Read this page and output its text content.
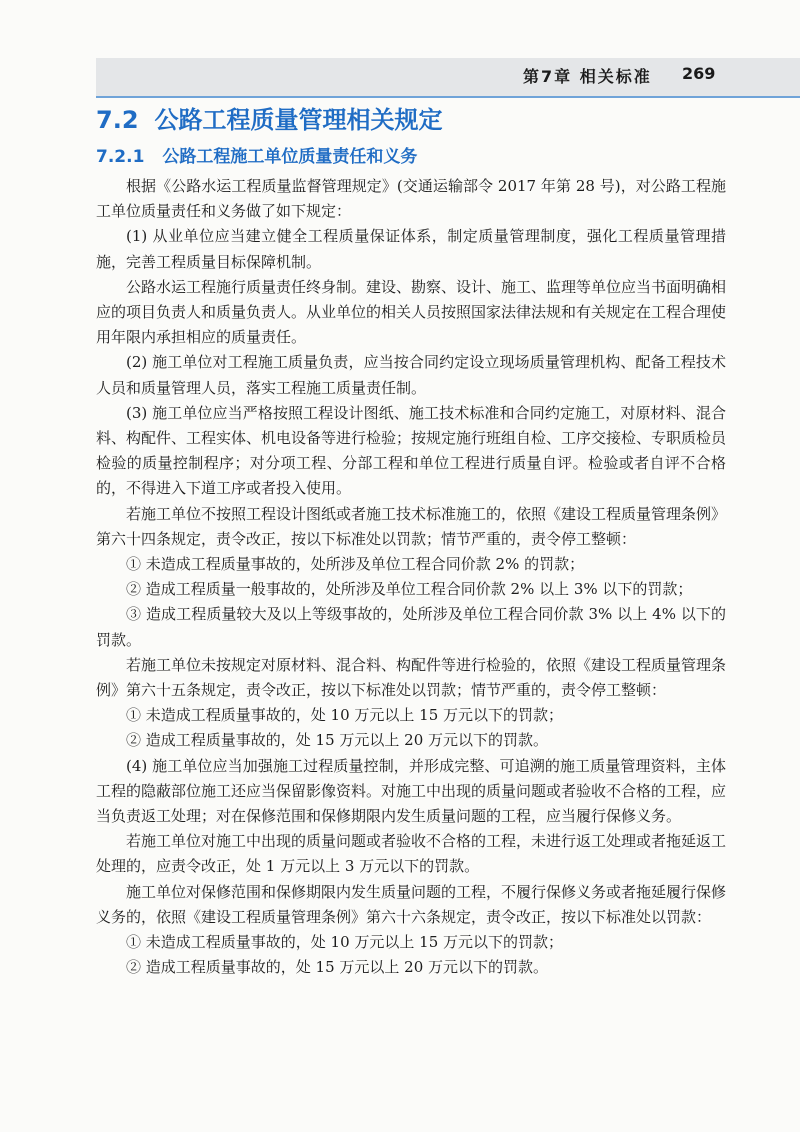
第7章 相关标准 269
7.2 公路工程质量管理相关规定
7.2.1 公路工程施工单位质量责任和义务

根据《公路水运工程质量监督管理规定》(交通运输部令 2017 年第 28 号)，对公路工程施工单位质量责任和义务做了如下规定：

(1) 从业单位应当建立健全工程质量保证体系，制定质量管理制度，强化工程质量管理措施，完善工程质量目标保障机制。

公路水运工程施行质量责任终身制。建设、勘察、设计、施工、监理等单位应当书面明确相应的项目负责人和质量负责人。从业单位的相关人员按照国家法律法规和有关规定在工程合理使用年限内承担相应的质量责任。

(2) 施工单位对工程施工质量负责，应当按合同约定设立现场质量管理机构、配备工程技术人员和质量管理人员，落实工程施工质量责任制。

(3) 施工单位应当严格按照工程设计图纸、施工技术标准和合同约定施工，对原材料、混合料、构配件、工程实体、机电设备等进行检验；按规定施行班组自检、工序交接检、专职质检员检验的质量控制程序；对分项工程、分部工程和单位工程进行质量自评。检验或者自评不合格的，不得进入下道工序或者投入使用。

若施工单位不按照工程设计图纸或者施工技术标准施工的，依照《建设工程质量管理条例》第六十四条规定，责令改正，按以下标准处以罚款；情节严重的，责令停工整顿：

① 未造成工程质量事故的，处所涉及单位工程合同价款 2% 的罚款；

② 造成工程质量一般事故的，处所涉及单位工程合同价款 2% 以上 3% 以下的罚款；

③ 造成工程质量较大及以上等级事故的，处所涉及单位工程合同价款 3% 以上 4% 以下的罚款。

若施工单位未按规定对原材料、混合料、构配件等进行检验的，依照《建设工程质量管理条例》第六十五条规定，责令改正，按以下标准处以罚款；情节严重的，责令停工整顿：

① 未造成工程质量事故的，处 10 万元以上 15 万元以下的罚款；

② 造成工程质量事故的，处 15 万元以上 20 万元以下的罚款。

(4) 施工单位应当加强施工过程质量控制，并形成完整、可追溯的施工质量管理资料，主体工程的隐蔽部位施工还应当保留影像资料。对施工中出现的质量问题或者验收不合格的工程，应当负责返工处理；对在保修范围和保修期限内发生质量问题的工程，应当履行保修义务。

若施工单位对施工中出现的质量问题或者验收不合格的工程，未进行返工处理或者拖延返工处理的，应责令改正，处 1 万元以上 3 万元以下的罚款。

施工单位对保修范围和保修期限内发生质量问题的工程，不履行保修义务或者拖延履行保修义务的，依照《建设工程质量管理条例》第六十六条规定，责令改正，按以下标准处以罚款：

① 未造成工程质量事故的，处 10 万元以上 15 万元以下的罚款；

② 造成工程质量事故的，处 15 万元以上 20 万元以下的罚款。
